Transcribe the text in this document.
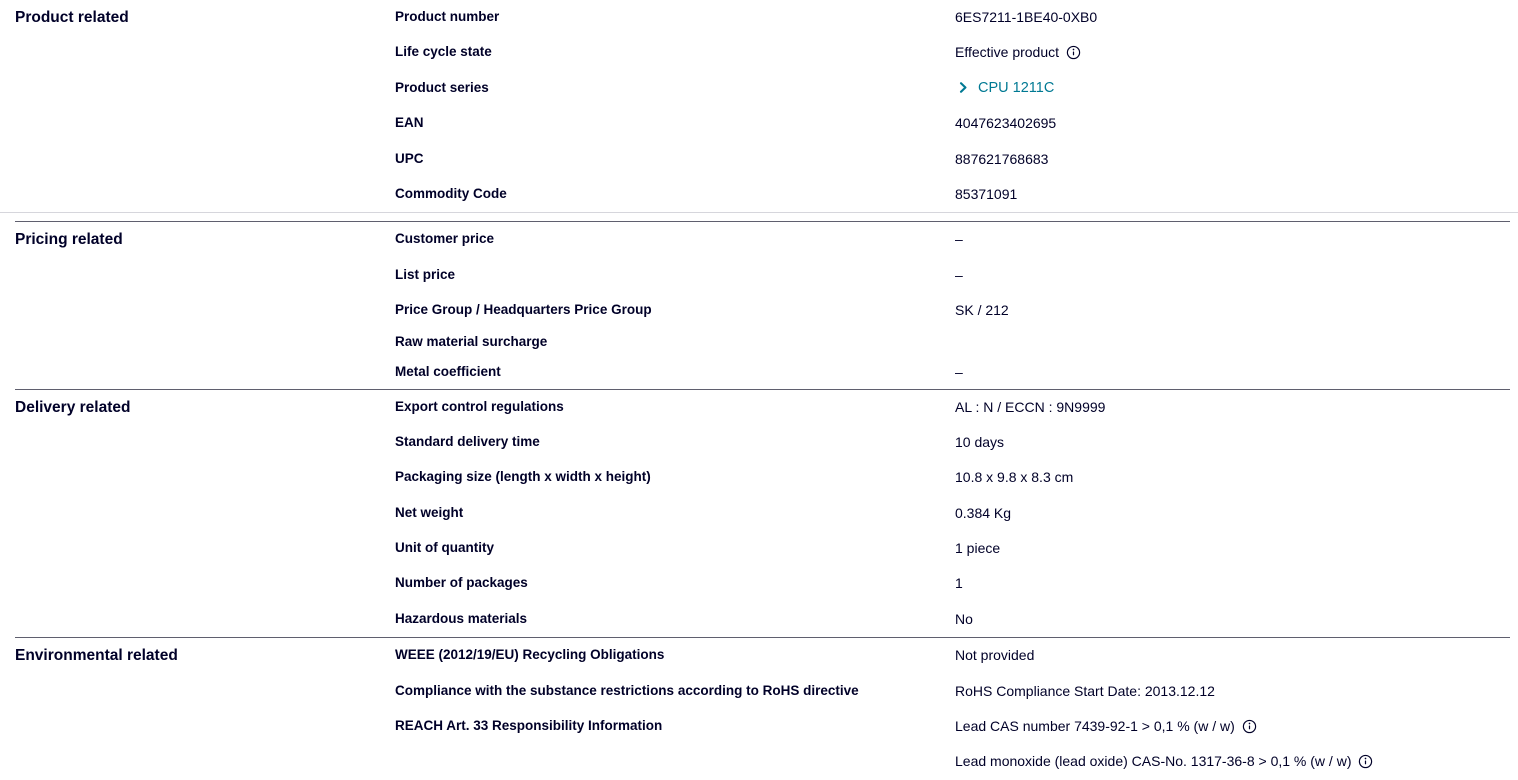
Product related	Product number	6ES7211-1BE40-0XB0
Life cycle state	Effective product
Product series	CPU 1211C
EAN	4047623402695
UPC	887621768683
Commodity Code	85371091
Pricing related	Customer price	–
List price	–
Price Group / Headquarters Price Group	SK / 212
Raw material surcharge
Metal coefficient	–
Delivery related	Export control regulations	AL : N / ECCN : 9N9999
Standard delivery time	10 days
Packaging size (length x width x height)	10.8 x 9.8 x 8.3 cm
Net weight	0.384 Kg
Unit of quantity	1 piece
Number of packages	1
Hazardous materials	No
Environmental related	WEEE (2012/19/EU) Recycling Obligations	Not provided
Compliance with the substance restrictions according to RoHS directive	RoHS Compliance Start Date: 2013.12.12
REACH Art. 33 Responsibility Information	Lead CAS number 7439-92-1 > 0,1 % (w / w)
Lead monoxide (lead oxide) CAS-No. 1317-36-8 > 0,1 % (w / w)
